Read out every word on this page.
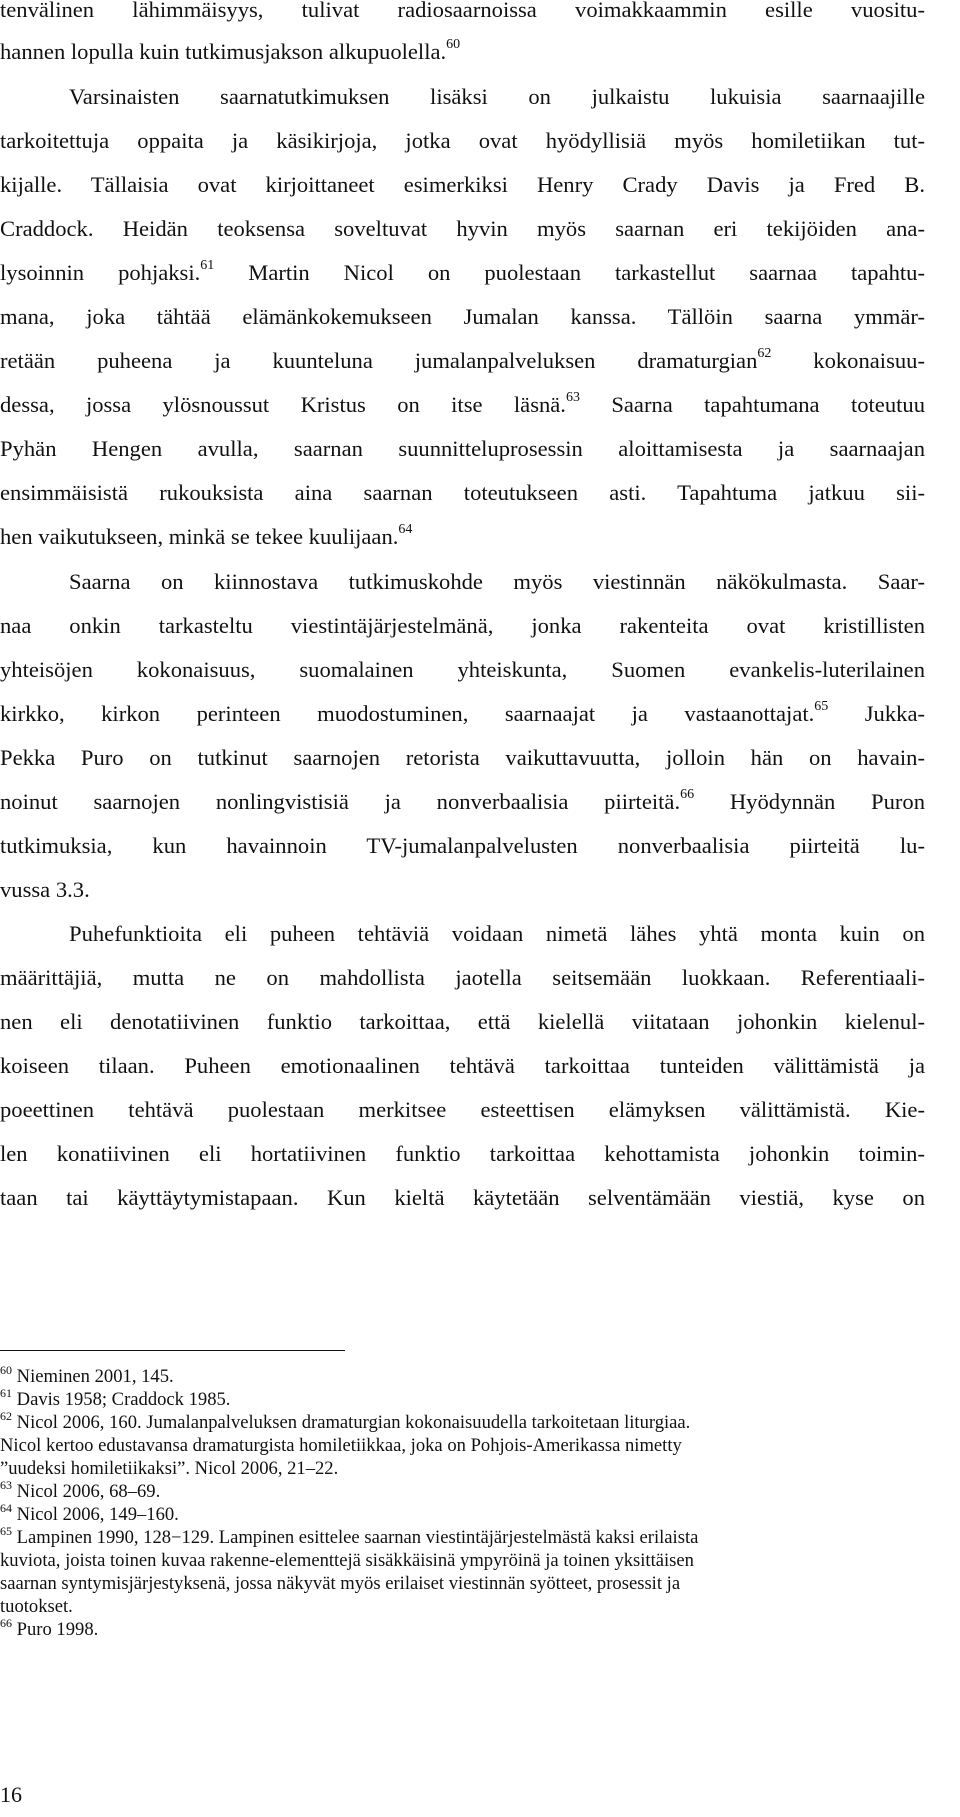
tenvälinen lähimmäisyys, tulivat radiosaarnoissa voimakkaammin esille vuositu-
hannen lopulla kuin tutkimusjakson alkupuolella.$^{60}$
Varsinaisten saarnatutkimuksen lisäksi on julkaistu lukuisia saarnaajille
tarkoitettuja oppaita ja käsikirjoja, jotka ovat hyödyllisiä myös homiletiikan tut-
kijalle. Tällaisia ovat kirjoittaneet esimerkiksi Henry Crady Davis ja Fred B.
Craddock. Heidän teoksensa soveltuvat hyvin myös saarnan eri tekijöiden ana-
lysoinnin pohjaksi.$^{61}$ Martin Nicol on puolestaan tarkastellut saarnaa tapahtu-
mana, joka tähtää elämänkokemukseen Jumalan kanssa. Tällöin saarna ymmär-
retään puheena ja kuunteluna jumalanpalveluksen dramaturgian$^{62}$ kokonaisuu-
dessa, jossa ylösnoussut Kristus on itse läsnä.$^{63}$ Saarna tapahtumana toteutuu
Pyhän Hengen avulla, saarnan suunnitteluprosessin aloittamisesta ja saarnaajan
ensimmäisistä rukouksista aina saarnan toteutukseen asti. Tapahtuma jatkuu sii-
hen vaikutukseen, minkä se tekee kuulijaan.$^{64}$
Saarna on kiinnostava tutkimuskohde myös viestinnän näkökulmasta. Saar-
naa onkin tarkasteltu viestintäjärjestelmänä, jonka rakenteita ovat kristillisten
yhteisöjen kokonaisuus, suomalainen yhteiskunta, Suomen evankelis-luterilainen
kirkko, kirkon perinteen muodostuminen, saarnaajat ja vastaanottajat.$^{65}$ Jukka-
Pekka Puro on tutkinut saarnojen retorista vaikuttavuutta, jolloin hän on havain-
noinut saarnojen nonlingvistisiä ja nonverbaalisia piirteitä.$^{66}$ Hyödynnän Puron
tutkimuksia, kun havainnoin TV-jumalanpalvelusten nonverbaalisia piirteitä lu-
vussa 3.3.
Puhefunktioita eli puheen tehtäviä voidaan nimetä lähes yhtä monta kuin on
määrittäjiä, mutta ne on mahdollista jaotella seitsemään luokkaan. Referentiaali-
nen eli denotatiivinen funktio tarkoittaa, että kielellä viitataan johonkin kielenul-
koiseen tilaan. Puheen emotionaalinen tehtävä tarkoittaa tunteiden välittämistä ja
poeettinen tehtävä puolestaan merkitsee esteettisen elämyksen välittämistä. Kie-
len konatiivinen eli hortatiivinen funktio tarkoittaa kehottamista johonkin toimin-
taan tai käyttäytymistapaan. Kun kieltä käytetään selventämään viestiä, kyse on
$^{60}$ Nieminen 2001, 145.
$^{61}$ Davis 1958; Craddock 1985.
$^{62}$ Nicol 2006, 160. Jumalanpalveluksen dramaturgian kokonaisuudella tarkoitetaan liturgiaa.
Nicol kertoo edustavansa dramaturgista homiletiikkaa, joka on Pohjois-Amerikassa nimetty
”uudeksi homiletiikaksi”. Nicol 2006, 21–22.
$^{63}$ Nicol 2006, 68–69.
$^{64}$ Nicol 2006, 149–160.
$^{65}$ Lampinen 1990, 128−129. Lampinen esittelee saarnan viestintäjärjestelmästä kaksi erilaista
kuviota, joista toinen kuvaa rakenne-elementtejä sisäkkäisinä ympyröinä ja toinen yksittäisen
saarnan syntymisjärjestyksenä, jossa näkyvät myös erilaiset viestinnän syötteet, prosessit ja
tuotokset.
$^{66}$ Puro 1998.
16
